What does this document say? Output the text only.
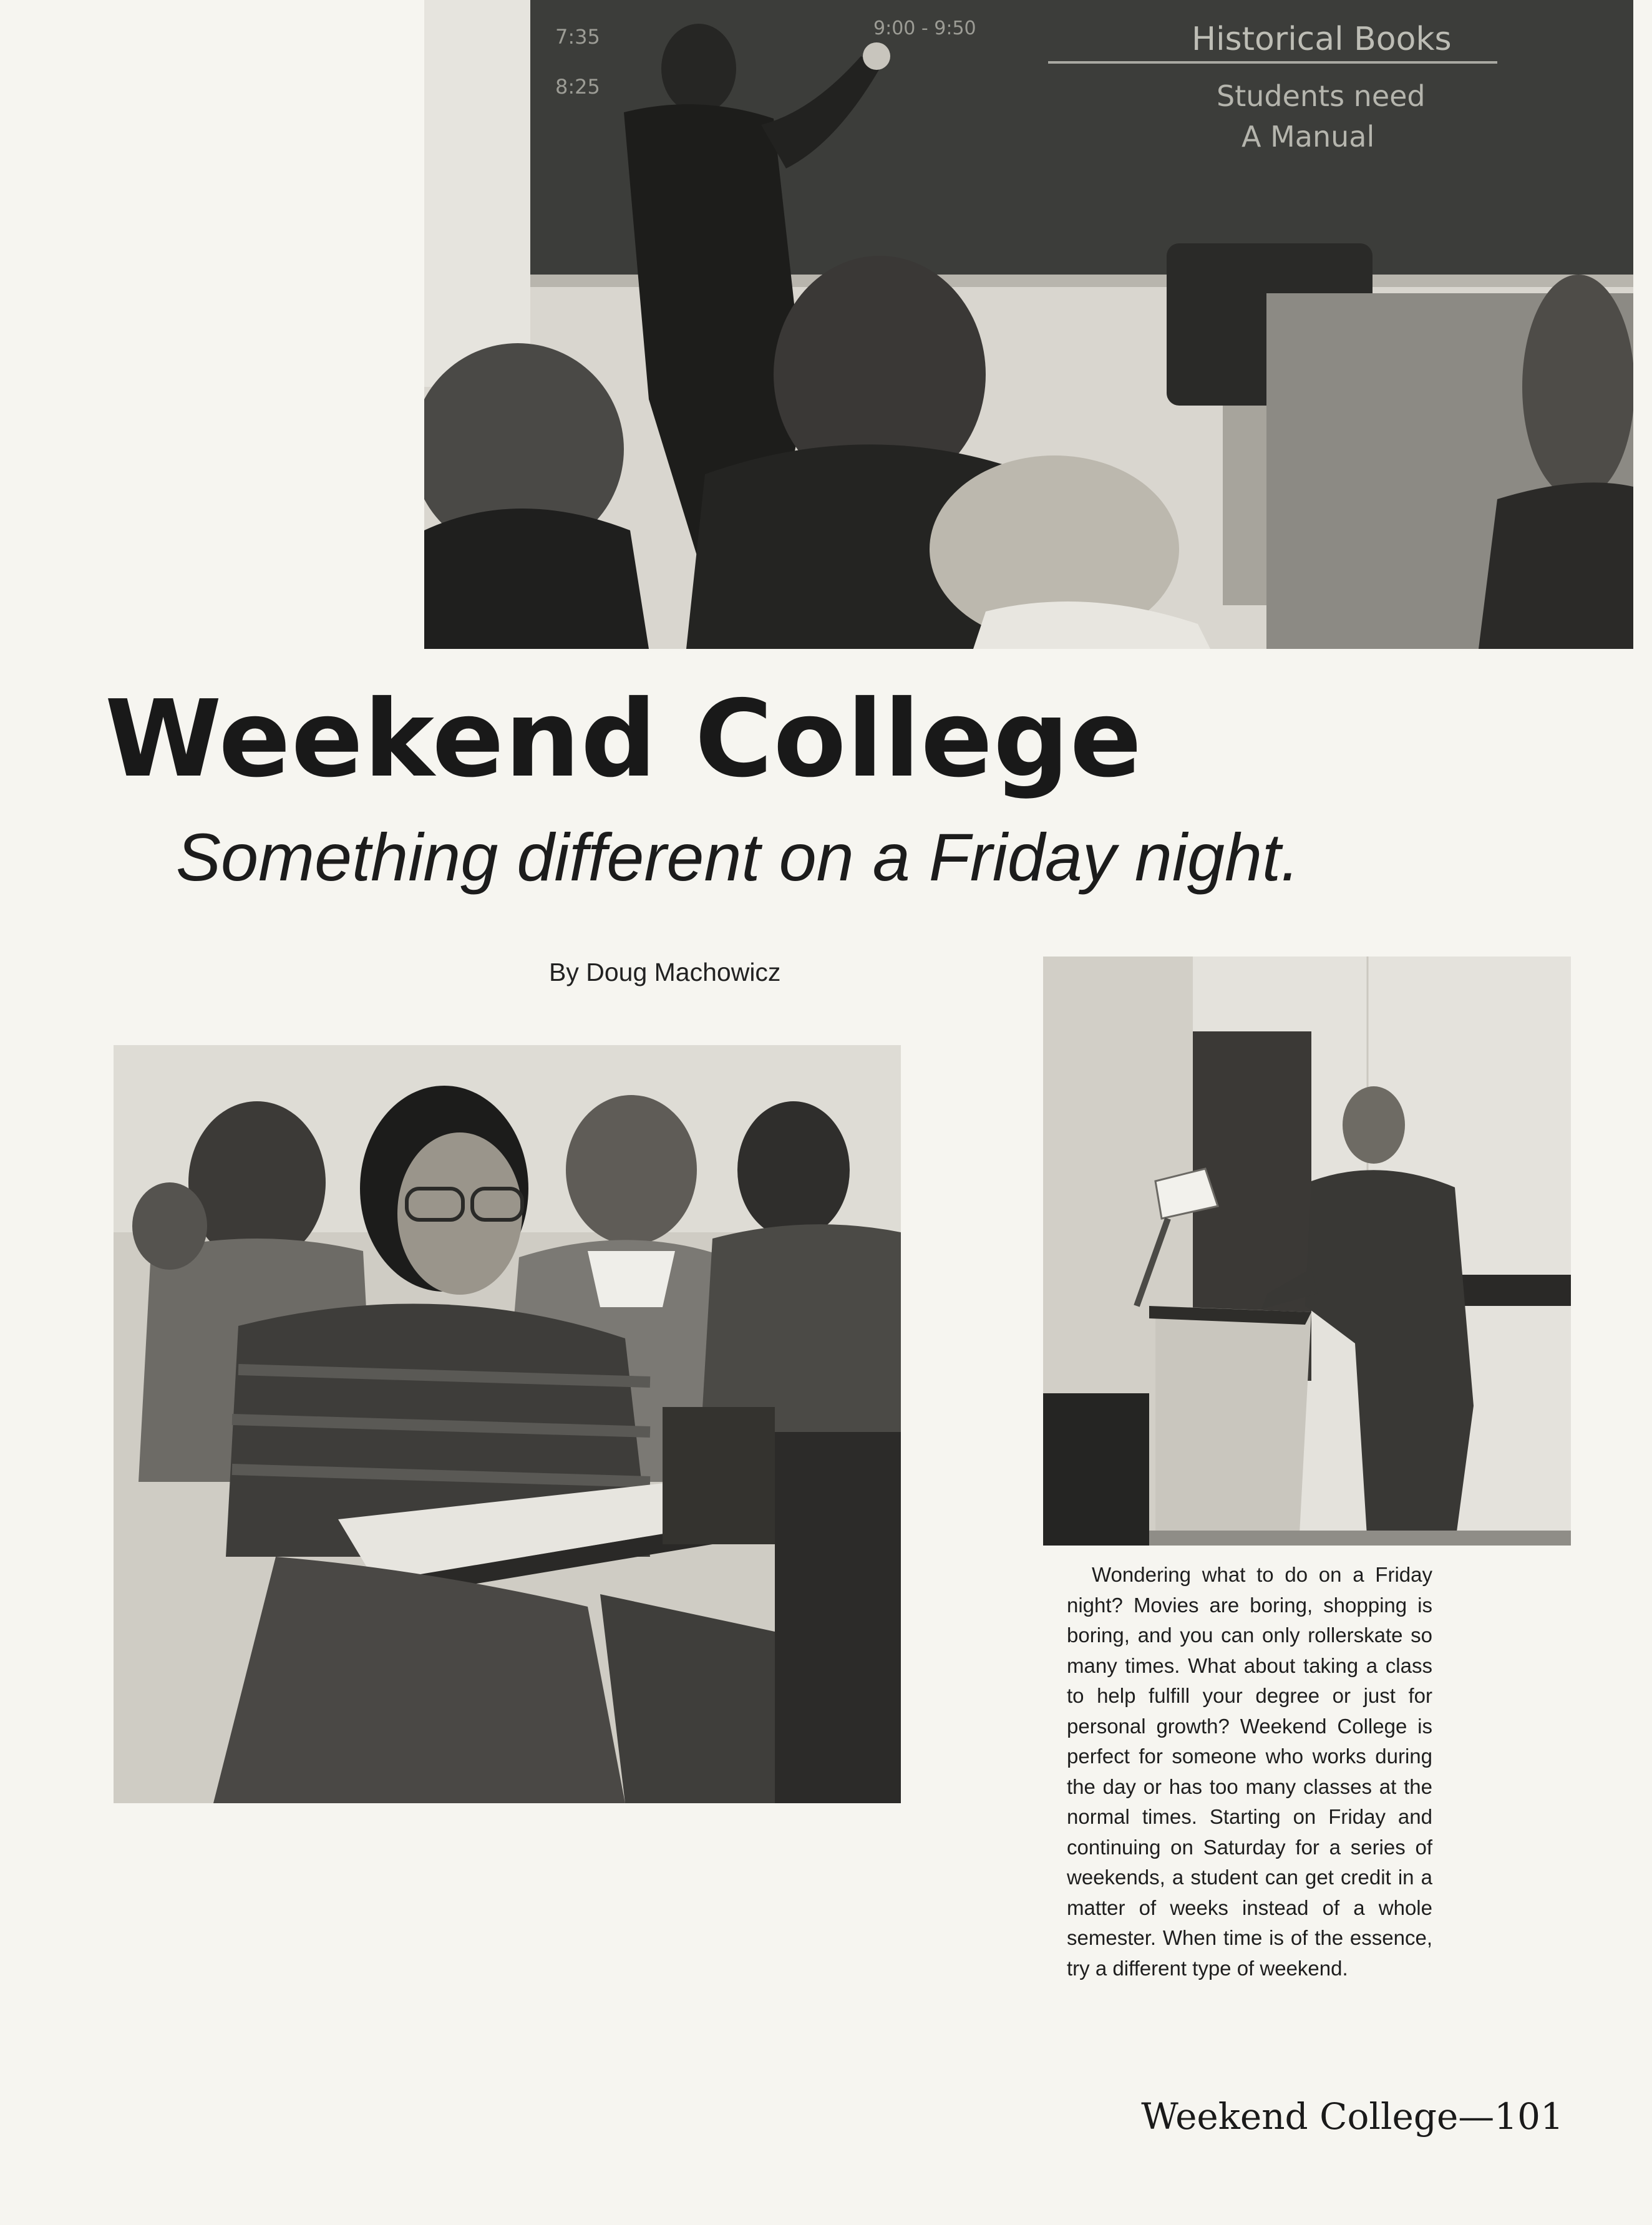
Historical Books
Students need
A Manual
7:35
8:25
9:00 - 9:50
Weekend College
Something different on a Friday night.

By Doug Machowicz

Wondering what to do on a Friday night? Movies are boring, shopping is boring, and you can only rollerskate so many times. What about taking a class to help fulfill your degree or just for personal growth? Weekend College is perfect for someone who works during the day or has too many classes at the normal times. Starting on Friday and continuing on Saturday for a series of weekends, a student can get credit in a matter of weeks instead of a whole semester. When time is of the essence, try a different type of weekend.

Weekend College—101
